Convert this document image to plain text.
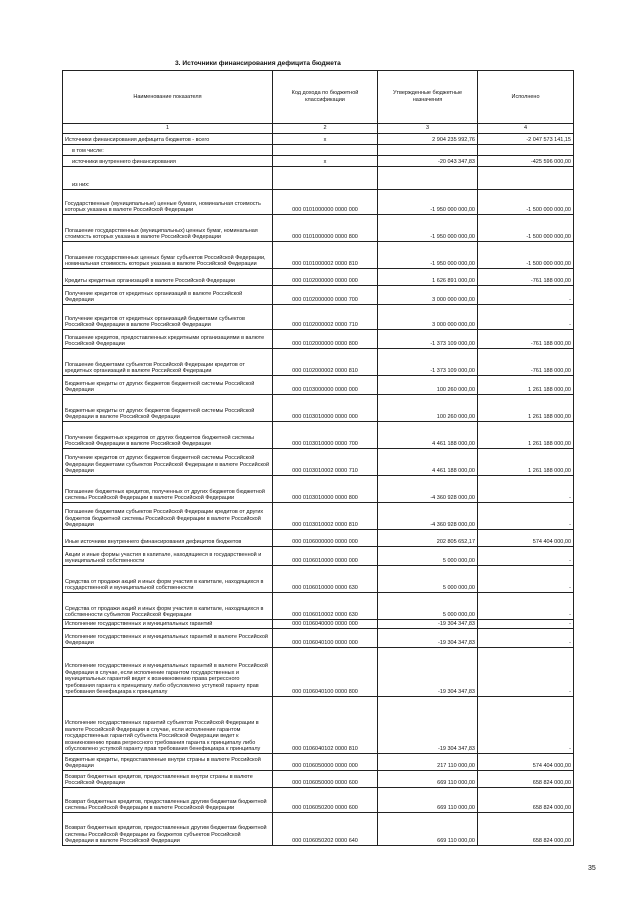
3. Источники финансирования дефицита бюджета
Наименование показателя	Код дохода по бюджетной классификации	Утвержденные бюджетные назначения	Исполнено
1	2	3	4
Источники финансирования дефицита бюджетов - всего	x	2 904 235 992,76	-2 047 573 141,15
в том числе:			
источники внутреннего финансирования	x	-20 043 347,83	-425 596 000,00
из них:			
Государственные (муниципальные) ценные бумаги, номинальная стоимость которых указана в валюте Российской Федерации	000 0101000000 0000 000	-1 950 000 000,00	-1 500 000 000,00
Погашение государственных (муниципальных) ценных бумаг, номинальная стоимость которых указана в валюте Российской Федерации	000 0101000000 0000 800	-1 950 000 000,00	-1 500 000 000,00
Погашение государственных ценных бумаг субъектов Российской Федерации, номинальная стоимость которых указана в валюте Российской Федерации	000 0101000002 0000 810	-1 950 000 000,00	-1 500 000 000,00
Кредиты кредитных организаций в валюте Российской Федерации	000 0102000000 0000 000	1 626 891 000,00	-761 188 000,00
Получение кредитов от кредитных организаций в валюте Российской Федерации	000 0102000000 0000 700	3 000 000 000,00	-
Получение кредитов от кредитных организаций бюджетами субъектов Российской Федерации в валюте Российской Федерации	000 0102000002 0000 710	3 000 000 000,00	-
Погашение кредитов, предоставленных кредитными организациями в валюте Российской Федерации	000 0102000000 0000 800	-1 373 109 000,00	-761 188 000,00
Погашение бюджетами субъектов Российской Федерации кредитов от кредитных организаций в валюте Российской Федерации	000 0102000002 0000 810	-1 373 109 000,00	-761 188 000,00
Бюджетные кредиты от других бюджетов бюджетной системы Российской Федерации	000 0103000000 0000 000	100 260 000,00	1 261 188 000,00
Бюджетные кредиты от других бюджетов бюджетной системы Российской Федерации в валюте Российской Федерации	000 0103010000 0000 000	100 260 000,00	1 261 188 000,00
Получение бюджетных кредитов от других бюджетов бюджетной системы Российской Федерации в валюте Российской Федерации	000 0103010000 0000 700	4 461 188 000,00	1 261 188 000,00
Получение кредитов от других бюджетов бюджетной системы Российской Федерации бюджетами субъектов Российской Федерации в валюте Российской Федерации	000 0103010002 0000 710	4 461 188 000,00	1 261 188 000,00
Погашение бюджетных кредитов, полученных от других бюджетов бюджетной системы Российской Федерации в валюте Российской Федерации	000 0103010000 0000 800	-4 360 928 000,00	-
Погашение бюджетами субъектов Российской Федерации кредитов от других бюджетов бюджетной системы Российской Федерации в валюте Российской Федерации	000 0103010002 0000 810	-4 360 928 000,00	-
Иные источники внутреннего финансирования дефицитов бюджетов	000 0106000000 0000 000	202 805 652,17	574 404 000,00
Акции и иные формы участия в капитале, находящиеся в государственной и муниципальной собственности	000 0106010000 0000 000	5 000 000,00	-
Средства от продажи акций и иных форм участия в капитале, находящихся в государственной и муниципальной собственности	000 0106010000 0000 630	5 000 000,00	-
Средства от продажи акций и иных форм участия в капитале, находящихся в собственности субъектов Российской Федерации	000 0106010002 0000 630	5 000 000,00	-
Исполнение государственных и муниципальных гарантий	000 0106040000 0000 000	-19 304 347,83	-
Исполнение государственных и муниципальных гарантий в валюте Российской Федерации	000 0106040100 0000 000	-19 304 347,83	-
Исполнение государственных и муниципальных гарантий в валюте Российской Федерации в случае, если исполнение гарантом государственных и муниципальных гарантий ведет к возникновению права регрессного требования гаранта к принципалу либо обусловлено уступкой гаранту прав требования бенефициара к принципалу	000 0106040100 0000 800	-19 304 347,83	-
Исполнение государственных гарантий субъектов Российской Федерации в валюте Российской Федерации в случае, если исполнение гарантом государственных гарантий субъекта Российской Федерации ведет к возникновению права регрессного требования гаранта к принципалу либо обусловлено уступкой гаранту прав требования бенефициара к принципалу	000 0106040102 0000 810	-19 304 347,83	-
Бюджетные кредиты, предоставленные внутри страны в валюте Российской Федерации	000 0106050000 0000 000	217 110 000,00	574 404 000,00
Возврат бюджетных кредитов, предоставленных внутри страны в валюте Российской Федерации	000 0106050000 0000 600	669 110 000,00	658 824 000,00
Возврат бюджетных кредитов, предоставленных другим бюджетам бюджетной системы Российской Федерации в валюте Российской Федерации	000 0106050200 0000 600	669 110 000,00	658 824 000,00
Возврат бюджетных кредитов, предоставленных другим бюджетам бюджетной системы Российской Федерации из бюджетов субъектов Российской Федерации в валюте Российской Федерации	000 0106050202 0000 640	669 110 000,00	658 824 000,00
35
